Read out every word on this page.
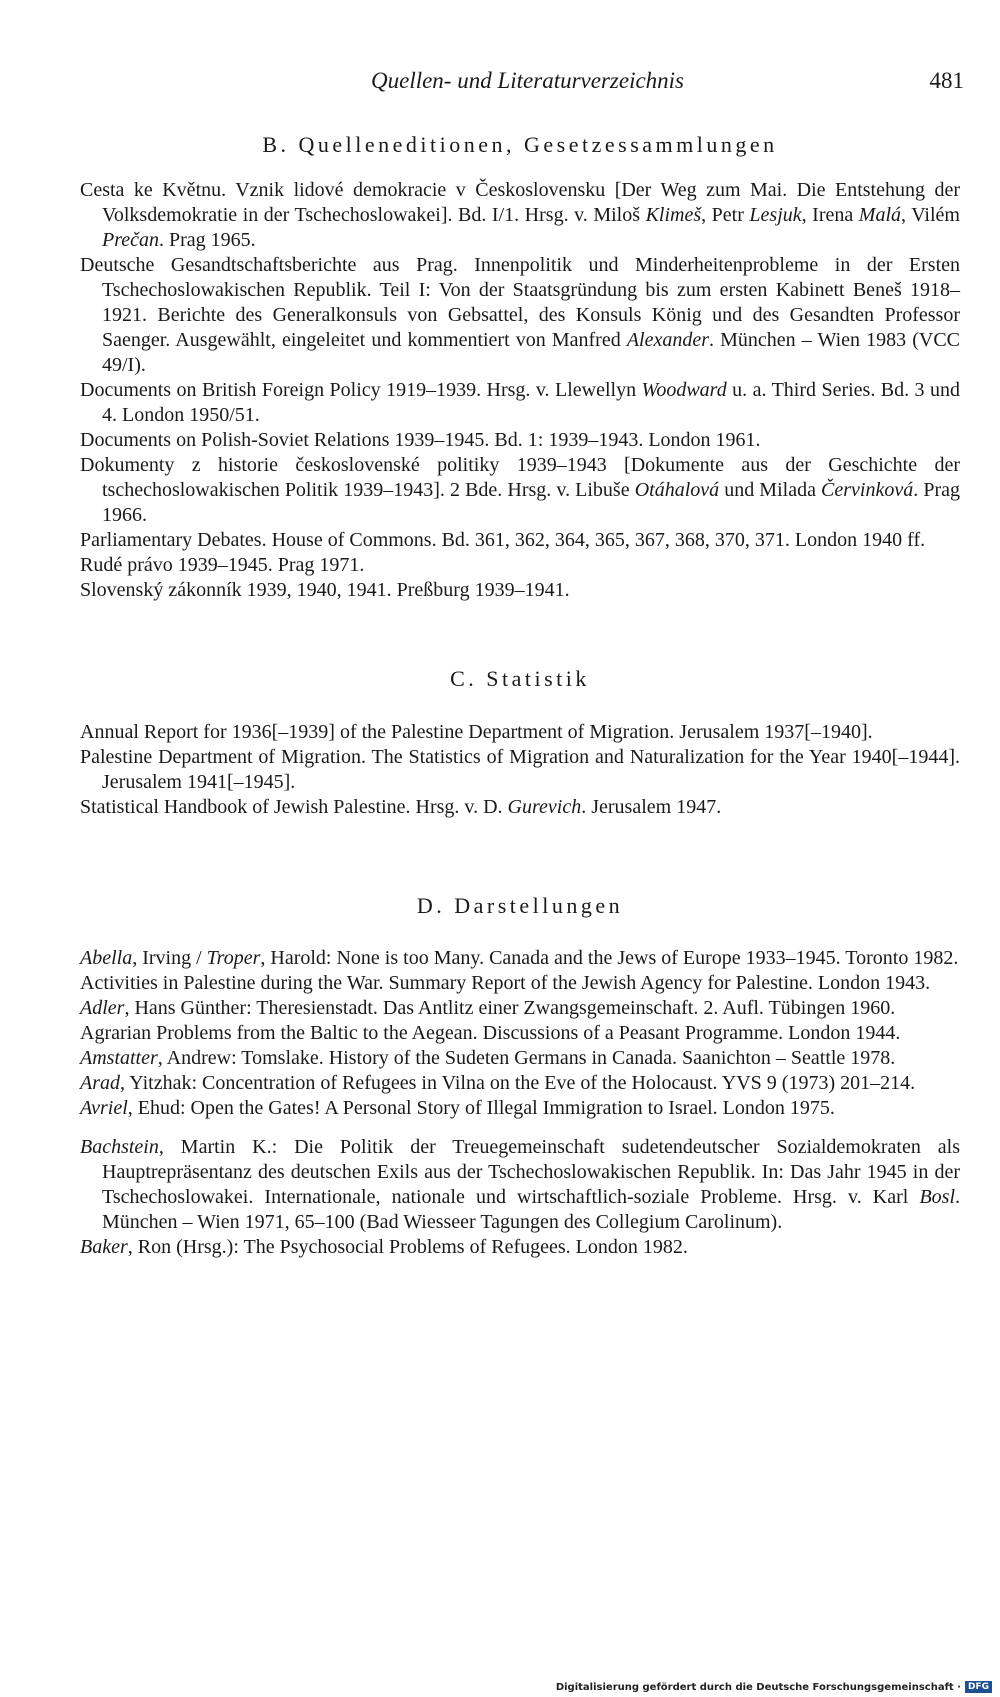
Quellen- und Literaturverzeichnis	481
B. Quelleneditionen, Gesetzessammlungen

Cesta ke Květnu. Vznik lidové demokracie v Československu [Der Weg zum Mai. Die Entstehung der Volksdemokratie in der Tschechoslowakei]. Bd. I/1. Hrsg. v. Miloš Klimeš, Petr Lesjuk, Irena Malá, Vilém Prečan. Prag 1965.

Deutsche Gesandtschaftsberichte aus Prag. Innenpolitik und Minderheitenprobleme in der Ersten Tschechoslowakischen Republik. Teil I: Von der Staatsgründung bis zum ersten Kabinett Beneš 1918–1921. Berichte des Generalkonsuls von Gebsattel, des Konsuls König und des Gesandten Professor Saenger. Ausgewählt, eingeleitet und kommentiert von Manfred Alexander. München – Wien 1983 (VCC 49/I).

Documents on British Foreign Policy 1919–1939. Hrsg. v. Llewellyn Woodward u. a. Third Series. Bd. 3 und 4. London 1950/51.

Documents on Polish-Soviet Relations 1939–1945. Bd. 1: 1939–1943. London 1961.

Dokumenty z historie československé politiky 1939–1943 [Dokumente aus der Geschichte der tschechoslowakischen Politik 1939–1943]. 2 Bde. Hrsg. v. Libuše Otáhalová und Milada Červinková. Prag 1966.

Parliamentary Debates. House of Commons. Bd. 361, 362, 364, 365, 367, 368, 370, 371. London 1940 ff.

Rudé právo 1939–1945. Prag 1971.

Slovenský zákonník 1939, 1940, 1941. Preßburg 1939–1941.

C. Statistik

Annual Report for 1936[–1939] of the Palestine Department of Migration. Jerusalem 1937[–1940].

Palestine Department of Migration. The Statistics of Migration and Naturalization for the Year 1940[–1944]. Jerusalem 1941[–1945].

Statistical Handbook of Jewish Palestine. Hrsg. v. D. Gurevich. Jerusalem 1947.

D. Darstellungen

Abella, Irving / Troper, Harold: None is too Many. Canada and the Jews of Europe 1933–1945. Toronto 1982.

Activities in Palestine during the War. Summary Report of the Jewish Agency for Palestine. London 1943.

Adler, Hans Günther: Theresienstadt. Das Antlitz einer Zwangsgemeinschaft. 2. Aufl. Tübingen 1960.

Agrarian Problems from the Baltic to the Aegean. Discussions of a Peasant Programme. London 1944.

Amstatter, Andrew: Tomslake. History of the Sudeten Germans in Canada. Saanichton – Seattle 1978.

Arad, Yitzhak: Concentration of Refugees in Vilna on the Eve of the Holocaust. YVS 9 (1973) 201–214.

Avriel, Ehud: Open the Gates! A Personal Story of Illegal Immigration to Israel. London 1975.

Bachstein, Martin K.: Die Politik der Treuegemeinschaft sudetendeutscher Sozialdemokraten als Hauptrepräsentanz des deutschen Exils aus der Tschechoslowakischen Republik. In: Das Jahr 1945 in der Tschechoslowakei. Internationale, nationale und wirtschaftlich-soziale Probleme. Hrsg. v. Karl Bosl. München – Wien 1971, 65–100 (Bad Wiesseer Tagungen des Collegium Carolinum).

Baker, Ron (Hrsg.): The Psychosocial Problems of Refugees. London 1982.

Digitalisierung gefördert durch die Deutsche Forschungsgemeinschaft · DFG
